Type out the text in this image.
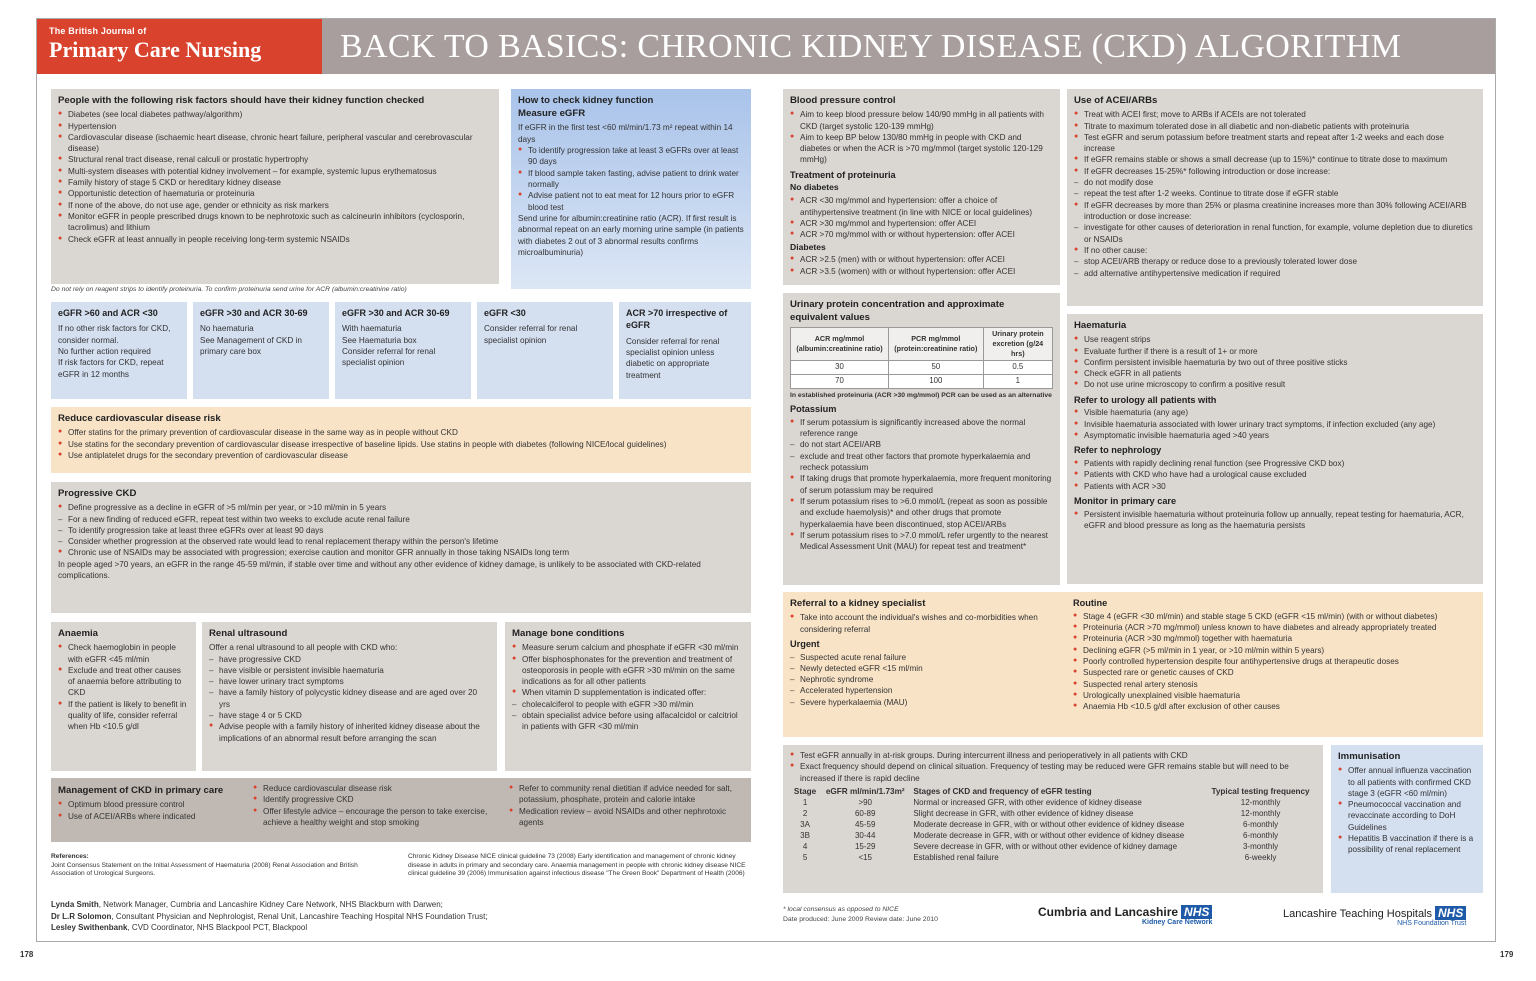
The British Journal of
Primary Care Nursing	BACK TO BASICS: CHRONIC KIDNEY DISEASE (CKD) ALGORITHM
People with the following risk factors should have their kidney function checked
● Diabetes (see local diabetes pathway/algorithm)
● Hypertension
● Cardiovascular disease (ischaemic heart disease, chronic heart failure, peripheral vascular and cerebrovascular disease)
● Structural renal tract disease, renal calculi or prostatic hypertrophy
● Multi-system diseases with potential kidney involvement – for example, systemic lupus erythematosus
● Family history of stage 5 CKD or hereditary kidney disease
● Opportunistic detection of haematuria or proteinuria
● If none of the above, do not use age, gender or ethnicity as risk markers
● Monitor eGFR in people prescribed drugs known to be nephrotoxic such as calcineurin inhibitors (cyclosporin, tacrolimus) and lithium
● Check eGFR at least annually in people receiving long-term systemic NSAIDs
Do not rely on reagent strips to identify proteinuria. To confirm proteinuria send urine for ACR (albumin:creatinine ratio)
How to check kidney function
Measure eGFR

If eGFR in the first test <60 ml/min/1.73 m² repeat within 14 days

● To identify progression take at least 3 eGFRs over at least 90 days
● If blood sample taken fasting, advise patient to drink water normally
● Advise patient not to eat meat for 12 hours prior to eGFR blood test

Send urine for albumin:creatinine ratio (ACR). If first result is abnormal repeat on an early morning urine sample (in patients with diabetes 2 out of 3 abnormal results confirms microalbuminuria)

eGFR >60 and ACR <30

If no other risk factors for CKD, consider normal.

No further action required

If risk factors for CKD, repeat eGFR in 12 months

eGFR >30 and ACR 30-69

No haematuria

See Management of CKD in primary care box

eGFR >30 and ACR 30-69

With haematuria

See Haematuria box

Consider referral for renal specialist opinion

eGFR <30

Consider referral for renal specialist opinion

ACR >70 irrespective of eGFR

Consider referral for renal specialist opinion unless diabetic on appropriate treatment

Reduce cardiovascular disease risk
● Offer statins for the primary prevention of cardiovascular disease in the same way as in people without CKD
● Use statins for the secondary prevention of cardiovascular disease irrespective of baseline lipids. Use statins in people with diabetes (following NICE/local guidelines)
● Use antiplatelet drugs for the secondary prevention of cardiovascular disease
Progressive CKD
● Define progressive as a decline in eGFR of >5 ml/min per year, or >10 ml/min in 5 years
– For a new finding of reduced eGFR, repeat test within two weeks to exclude acute renal failure
– To identify progression take at least three eGFRs over at least 90 days
– Consider whether progression at the observed rate would lead to renal replacement therapy within the person's lifetime
● Chronic use of NSAIDs may be associated with progression; exercise caution and monitor GFR annually in those taking NSAIDs long term

In people aged >70 years, an eGFR in the range 45-59 ml/min, if stable over time and without any other evidence of kidney damage, is unlikely to be associated with CKD-related complications.

Anaemia
● Check haemoglobin in people with eGFR <45 ml/min
● Exclude and treat other causes of anaemia before attributing to CKD
● If the patient is likely to benefit in quality of life, consider referral when Hb <10.5 g/dl
Renal ultrasound

Offer a renal ultrasound to all people with CKD who:

– have progressive CKD
– have visible or persistent invisible haematuria
– have lower urinary tract symptoms
– have a family history of polycystic kidney disease and are aged over 20 yrs
– have stage 4 or 5 CKD
● Advise people with a family history of inherited kidney disease about the implications of an abnormal result before arranging the scan
Manage bone conditions
● Measure serum calcium and phosphate if eGFR <30 ml/min
● Offer bisphosphonates for the prevention and treatment of osteoporosis in people with eGFR >30 ml/min on the same indications as for all other patients
● When vitamin D supplementation is indicated offer:
– cholecalciferol to people with eGFR >30 ml/min
– obtain specialist advice before using alfacalcidol or calcitriol in patients with GFR <30 ml/min
Management of CKD in primary care
● Optimum blood pressure control
● Use of ACEI/ARBs where indicated
● Reduce cardiovascular disease risk
● Identify progressive CKD
● Offer lifestyle advice – encourage the person to take exercise, achieve a healthy weight and stop smoking
● Refer to community renal dietitian if advice needed for salt, potassium, phosphate, protein and calorie intake
● Medication review – avoid NSAIDs and other nephrotoxic agents
References:
Joint Consensus Statement on the Initial Assessment of Haematuria (2008) Renal Association and British Association of Urological Surgeons.
Chronic Kidney Disease NICE clinical guideline 73 (2008) Early identification and management of chronic kidney disease in adults in primary and secondary care. Anaemia management in people with chronic kidney disease NICE clinical guideline 39 (2006) Immunisation against infectious disease "The Green Book" Department of Health (2006)
Lynda Smith, Network Manager, Cumbria and Lancashire Kidney Care Network, NHS Blackburn with Darwen;
Dr L.R Solomon, Consultant Physician and Nephrologist, Renal Unit, Lancashire Teaching Hospital NHS Foundation Trust;
Lesley Swithenbank, CVD Coordinator, NHS Blackpool PCT, Blackpool
Blood pressure control
● Aim to keep blood pressure below 140/90 mmHg in all patients with CKD (target systolic 120-139 mmHg)
● Aim to keep BP below 130/80 mmHg in people with CKD and diabetes or when the ACR is >70 mg/mmol (target systolic 120-129 mmHg)
Treatment of proteinuria
No diabetes
● ACR <30 mg/mmol and hypertension: offer a choice of antihypertensive treatment (in line with NICE or local guidelines)
● ACR >30 mg/mmol and hypertension: offer ACEI
● ACR >70 mg/mmol with or without hypertension: offer ACEI
Diabetes
● ACR >2.5 (men) with or without hypertension: offer ACEI
● ACR >3.5 (women) with or without hypertension: offer ACEI
Urinary protein concentration and approximate equivalent values
ACR mg/mmol (albumin:creatinine ratio)	PCR mg/mmol (protein:creatinine ratio)	Urinary protein excretion (g/24 hrs)
30	50	0.5
70	100	1

In established proteinuria (ACR >30 mg/mmol) PCR can be used as an alternative

Potassium
● If serum potassium is significantly increased above the normal reference range
– do not start ACEI/ARB
– exclude and treat other factors that promote hyperkalaemia and recheck potassium
● If taking drugs that promote hyperkalaemia, more frequent monitoring of serum potassium may be required
● If serum potassium rises to >6.0 mmol/L (repeat as soon as possible and exclude haemolysis)* and other drugs that promote hyperkalaemia have been discontinued, stop ACEI/ARBs
● If serum potassium rises to >7.0 mmol/L refer urgently to the nearest Medical Assessment Unit (MAU) for repeat test and treatment*
Use of ACEI/ARBs
● Treat with ACEI first; move to ARBs if ACEIs are not tolerated
● Titrate to maximum tolerated dose in all diabetic and non-diabetic patients with proteinuria
● Test eGFR and serum potassium before treatment starts and repeat after 1-2 weeks and each dose increase
● If eGFR remains stable or shows a small decrease (up to 15%)* continue to titrate dose to maximum
● If eGFR decreases 15-25%* following introduction or dose increase:
– do not modify dose
– repeat the test after 1-2 weeks. Continue to titrate dose if eGFR stable
● If eGFR decreases by more than 25% or plasma creatinine increases more than 30% following ACEI/ARB introduction or dose increase:
– investigate for other causes of deterioration in renal function, for example, volume depletion due to diuretics or NSAIDs
● If no other cause:
– stop ACEI/ARB therapy or reduce dose to a previously tolerated lower dose
– add alternative antihypertensive medication if required
Haematuria
● Use reagent strips
● Evaluate further if there is a result of 1+ or more
● Confirm persistent invisible haematuria by two out of three positive sticks
● Check eGFR in all patients
● Do not use urine microscopy to confirm a positive result
Refer to urology all patients with
● Visible haematuria (any age)
● Invisible haematuria associated with lower urinary tract symptoms, if infection excluded (any age)
● Asymptomatic invisible haematuria aged >40 years
Refer to nephrology
● Patients with rapidly declining renal function (see Progressive CKD box)
● Patients with CKD who have had a urological cause excluded
● Patients with ACR >30
Monitor in primary care
● Persistent invisible haematuria without proteinuria follow up annually, repeat testing for haematuria, ACR, eGFR and blood pressure as long as the haematuria persists
Referral to a kidney specialist
● Take into account the individual's wishes and co-morbidities when considering referral
Urgent
– Suspected acute renal failure
– Newly detected eGFR <15 ml/min
– Nephrotic syndrome
– Accelerated hypertension
– Severe hyperkalaemia (MAU)
Routine
● Stage 4 (eGFR <30 ml/min) and stable stage 5 CKD (eGFR <15 ml/min) (with or without diabetes)
● Proteinuria (ACR >70 mg/mmol) unless known to have diabetes and already appropriately treated
● Proteinuria (ACR >30 mg/mmol) together with haematuria
● Declining eGFR (>5 ml/min in 1 year, or >10 ml/min within 5 years)
● Poorly controlled hypertension despite four antihypertensive drugs at therapeutic doses
● Suspected rare or genetic causes of CKD
● Suspected renal artery stenosis
● Urologically unexplained visible haematuria
● Anaemia Hb <10.5 g/dl after exclusion of other causes
● Test eGFR annually in at-risk groups. During intercurrent illness and perioperatively in all patients with CKD
● Exact frequency should depend on clinical situation. Frequency of testing may be reduced were GFR remains stable but will need to be increased if there is rapid decline
Stage	eGFR ml/min/1.73m²	Stages of CKD and frequency of eGFR testing	Typical testing frequency
1	>90	Normal or increased GFR, with other evidence of kidney disease	12-monthly
2	60-89	Slight decrease in GFR, with other evidence of kidney disease	12-monthly
3A	45-59	Moderate decrease in GFR, with or without other evidence of kidney disease	6-monthly
3B	30-44	Moderate decrease in GFR, with or without other evidence of kidney disease	6-monthly
4	15-29	Severe decrease in GFR, with or without other evidence of kidney damage	3-monthly
5	<15	Established renal failure	6-weekly
Immunisation
● Offer annual influenza vaccination to all patients with confirmed CKD stage 3 (eGFR <60 ml/min)
● Pneumococcal vaccination and revaccinate according to DoH Guidelines
● Hepatitis B vaccination if there is a possibility of renal replacement
* local consensus as opposed to NICE
Date produced: June 2009 Review date: June 2010
Cumbria and Lancashire NHS
Kidney Care Network
Lancashire Teaching Hospitals NHS
NHS Foundation Trust
178	179
